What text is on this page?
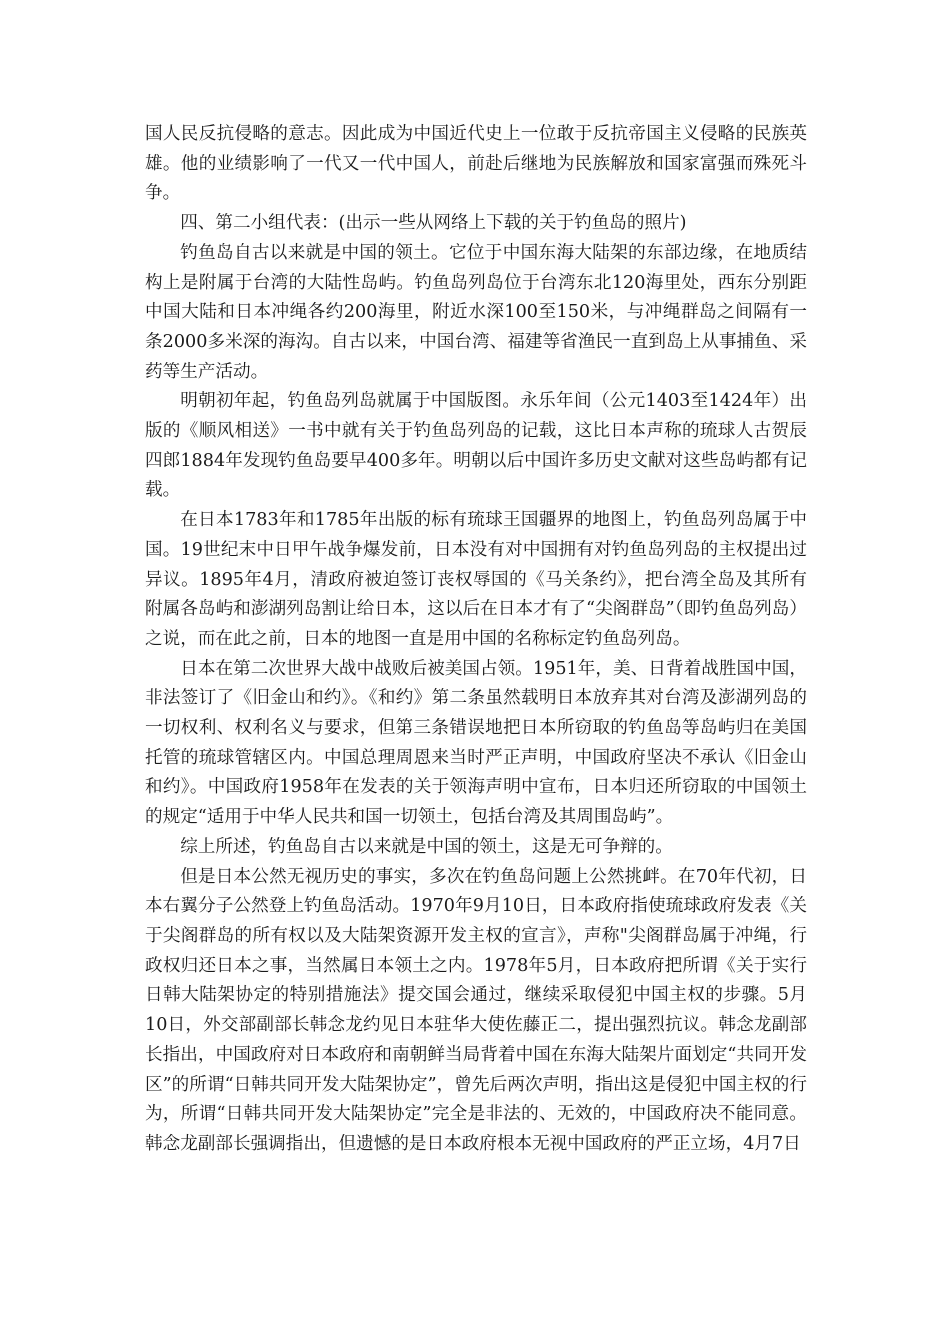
国人民反抗侵略的意志。因此成为中国近代史上一位敢于反抗帝国主义侵略的民族英雄。他的业绩影响了一代又一代中国人，前赴后继地为民族解放和国家富强而殊死斗争。

四、第二小组代表：(出示一些从网络上下载的关于钓鱼岛的照片)

钓鱼岛自古以来就是中国的领土。它位于中国东海大陆架的东部边缘，在地质结构上是附属于台湾的大陆性岛屿。钓鱼岛列岛位于台湾东北120海里处，西东分别距中国大陆和日本冲绳各约200海里，附近水深100至150米，与冲绳群岛之间隔有一条2000多米深的海沟。自古以来，中国台湾、福建等省渔民一直到岛上从事捕鱼、采药等生产活动。

明朝初年起，钓鱼岛列岛就属于中国版图。永乐年间（公元1403至1424年）出版的《顺风相送》一书中就有关于钓鱼岛列岛的记载，这比日本声称的琉球人古贺辰四郎1884年发现钓鱼岛要早400多年。明朝以后中国许多历史文献对这些岛屿都有记载。

在日本1783年和1785年出版的标有琉球王国疆界的地图上，钓鱼岛列岛属于中国。19世纪末中日甲午战争爆发前，日本没有对中国拥有对钓鱼岛列岛的主权提出过异议。1895年4月，清政府被迫签订丧权辱国的《马关条约》，把台湾全岛及其所有附属各岛屿和澎湖列岛割让给日本，这以后在日本才有了“尖阁群岛”（即钓鱼岛列岛）之说，而在此之前，日本的地图一直是用中国的名称标定钓鱼岛列岛。

日本在第二次世界大战中战败后被美国占领。1951年，美、日背着战胜国中国，非法签订了《旧金山和约》。《和约》第二条虽然载明日本放弃其对台湾及澎湖列岛的一切权利、权利名义与要求，但第三条错误地把日本所窃取的钓鱼岛等岛屿归在美国托管的琉球管辖区内。中国总理周恩来当时严正声明，中国政府坚决不承认《旧金山和约》。中国政府1958年在发表的关于领海声明中宣布，日本归还所窃取的中国领土的规定“适用于中华人民共和国一切领土，包括台湾及其周围岛屿”。

综上所述，钓鱼岛自古以来就是中国的领土，这是无可争辩的。

但是日本公然无视历史的事实，多次在钓鱼岛问题上公然挑衅。在70年代初，日本右翼分子公然登上钓鱼岛活动。1970年9月10日，日本政府指使琉球政府发表《关于尖阁群岛的所有权以及大陆架资源开发主权的宣言》，声称"尖阁群岛属于冲绳，行政权归还日本之事，当然属日本领土之内。1978年5月，日本政府把所谓《关于实行日韩大陆架协定的特别措施法》提交国会通过，继续采取侵犯中国主权的步骤。5月10日，外交部副部长韩念龙约见日本驻华大使佐藤正二，提出强烈抗议。韩念龙副部长指出，中国政府对日本政府和南朝鲜当局背着中国在东海大陆架片面划定“共同开发区”的所谓“日韩共同开发大陆架协定”，曾先后两次声明，指出这是侵犯中国主权的行为，所谓“日韩共同开发大陆架协定”完全是非法的、无效的，中国政府决不能同意。韩念龙副部长强调指出，但遗憾的是日本政府根本无视中国政府的严正立场，4月7日
